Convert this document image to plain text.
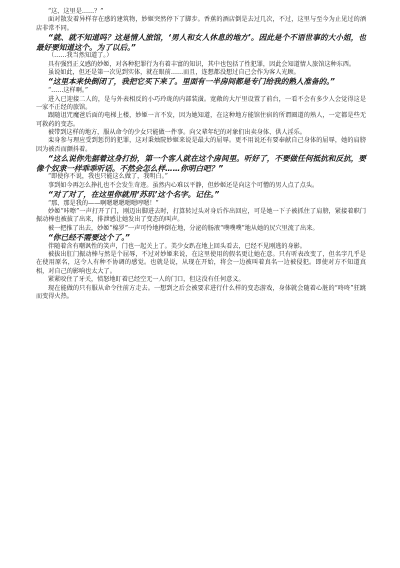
“这、这里是……？”

面对散发着异样存在感的建筑物，妙姬突然停下了脚步。香蕉的酒店倒是去过几次，不过，这里与至今为止见过的酒店非常不同。

“就、就不知道吗？这是情人旅馆，‘男人和女人休息的地方’。因此是个不语世事的大小姐，也最好要知道这个。为了以后。”

（……我当然知道了。）

具有强烈正义感的妙姬，对各种犯罪行为有着丰富的知识，其中也包括了性犯罪，因此会知道情人旅馆这种东西。

虽说如此，但还是第一次见到实体，就在眼前……而且，连想都没想过自己会作为客人光顾。

“这里本来快倒闭了，我把它买下来了。里面有一半房间都是专门给我的熟人准备的。”

“……这样啊。”

进入已迎接二人的，是与外表相反的小巧玲珑的内部装潢。宽敞的大厅里设置了前台，一看不会有多少人会觉得这是一家不正经的旅馆。

跟随诅咒魔爸后面的电梯上楼，妙姬一言不发，因为她知道，在这种地方能馆住宿的所谓圈道的熟人，一定都是些无可救药的变态。

被带到这样的地方，服从命令的少女只能做一件事。向父辈年纪的对象们出卖身体、供人淫乐。

栾身参与理应受到惩罚的犯罪，这对秉烛院妙姬来说是最大的屈辱。更不用说还有要奉献自己身体的屈辱，她的肩膀因为被否而颤抖着。

“这么说你先据着这身打扮，第一个客人就在这个房间里。听好了，不要做任何抵抗和反抗，要像个奴隶一样乖乖听话。不然会怎么样……你明白吧？”

“即使你不说，我也只能这么做了，我明白。”

事到如今再怎么挣扎也不会发生奇迹。虽然内心难以平静，但妙姬还是向这个可憎的男人点了点头。

“对了对了，在这里你就用‘苏玑’这个名字。记住。”

“那、那是我的——啊嗯嗯嗯嗯嗯哼嗯！”

妙姬“咔嚓”一声打开了门，刚迈出脚进去时，打算转过头对身后作出回应，可是她一下子被抓住了肩膀，紧接着职门振动棒也被拔了出来，排泄感让她发出了变态的叫声。

被一把推了出去，妙姬“棉罗”一声可怜地摔倒在地，分泌的肠液“噗噗噗”地从她的尻穴里流了出来。

“你已经不需要这个了。”

伴随着含有嘲讽性的笑声，门也一起关上了。美少女趴在地上回头看去，已经不见刚逃的身影。

被拔出肛门振动棒与然是个屈辱，不过对妙姬来说，在这里使用的假名更让她在意。只有听表改变了，但名字几乎是在使用原名，这令人有种不协调的感觉。也就是说，从现在开始，将会一边被叫着真名一边被侵犯。即使对方不知道真相，对自己的影响也太大了。

紧紧咬住了牙关，愤怒地盯着已经空无一人的门口，但这没有任何意义。

现在能做的只有服从命令往前方走去。一想到之后会被要求进行什么样的变态游戏，身体就会随着心脏的“咚咚”狂跳而变得火热。
